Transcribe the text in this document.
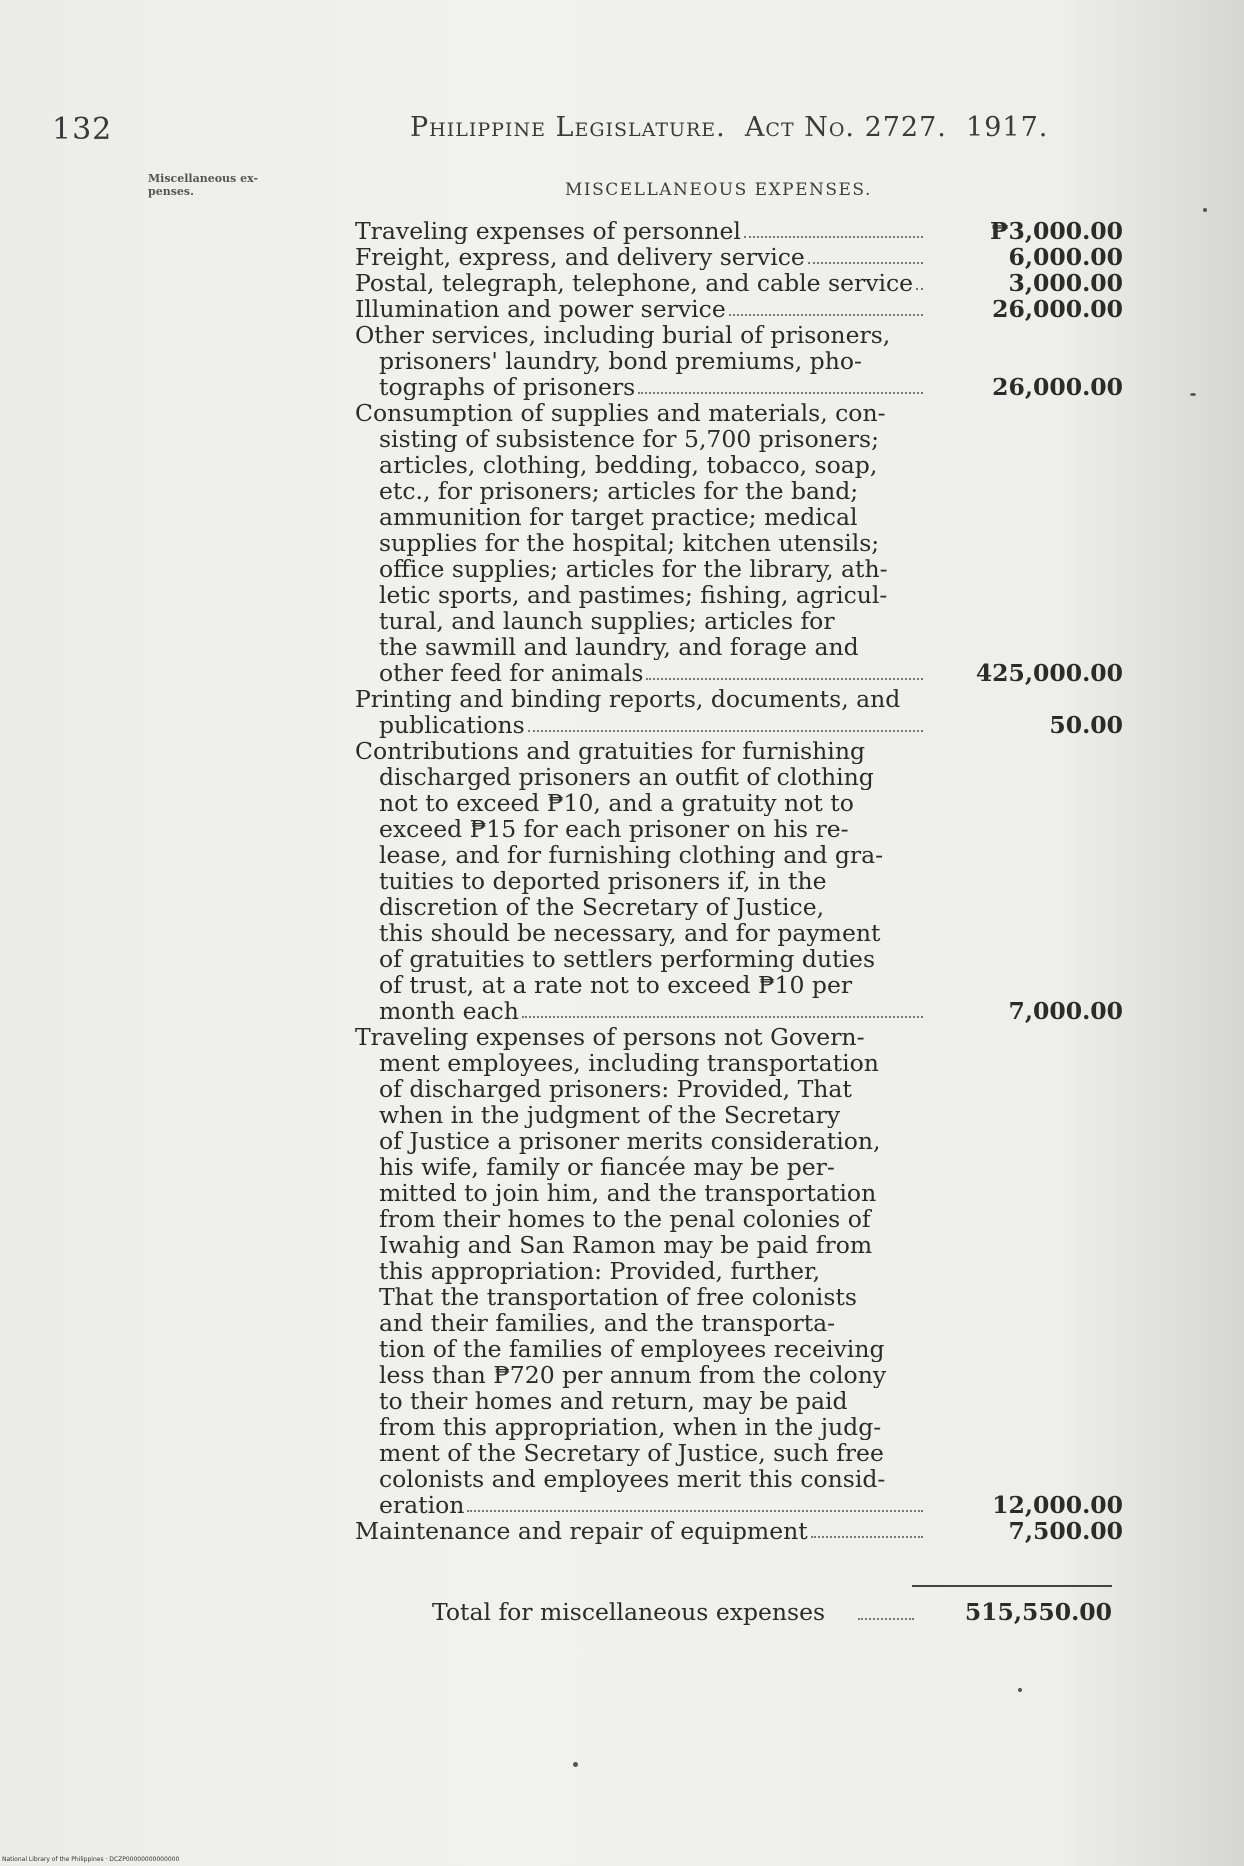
132	Philippine Legislature.  Act No. 2727.  1917.
Miscellaneous ex-
penses.	MISCELLANEOUS EXPENSES.
Traveling expenses of personnel	₱3,000.00
Freight, express, and delivery service	6,000.00
Postal, telegraph, telephone, and cable service	3,000.00
Illumination and power service	26,000.00
Other services, including burial of prisoners,
prisoners' laundry, bond premiums, pho-
tographs of prisoners	26,000.00
Consumption of supplies and materials, con-
sisting of subsistence for 5,700 prisoners;
articles, clothing, bedding, tobacco, soap,
etc., for prisoners; articles for the band;
ammunition for target practice; medical
supplies for the hospital; kitchen utensils;
office supplies; articles for the library, ath-
letic sports, and pastimes; fishing, agricul-
tural, and launch supplies; articles for
the sawmill and laundry, and forage and
other feed for animals	425,000.00
Printing and binding reports, documents, and
publications	50.00
Contributions and gratuities for furnishing
discharged prisoners an outfit of clothing
not to exceed ₱10, and a gratuity not to
exceed ₱15 for each prisoner on his re-
lease, and for furnishing clothing and gra-
tuities to deported prisoners if, in the
discretion of the Secretary of Justice,
this should be necessary, and for payment
of gratuities to settlers performing duties
of trust, at a rate not to exceed ₱10 per
month each	7,000.00
Traveling expenses of persons not Govern-
ment employees, including transportation
of discharged prisoners: Provided, That
when in the judgment of the Secretary
of Justice a prisoner merits consideration,
his wife, family or fiancée may be per-
mitted to join him, and the transportation
from their homes to the penal colonies of
Iwahig and San Ramon may be paid from
this appropriation: Provided, further,
That the transportation of free colonists
and their families, and the transporta-
tion of the families of employees receiving
less than ₱720 per annum from the colony
to their homes and return, may be paid
from this appropriation, when in the judg-
ment of the Secretary of Justice, such free
colonists and employees merit this consid-
eration	12,000.00
Maintenance and repair of equipment	7,500.00
Total for miscellaneous expenses	515,550.00
National Library of the Philippines · DCZP00000000000000
